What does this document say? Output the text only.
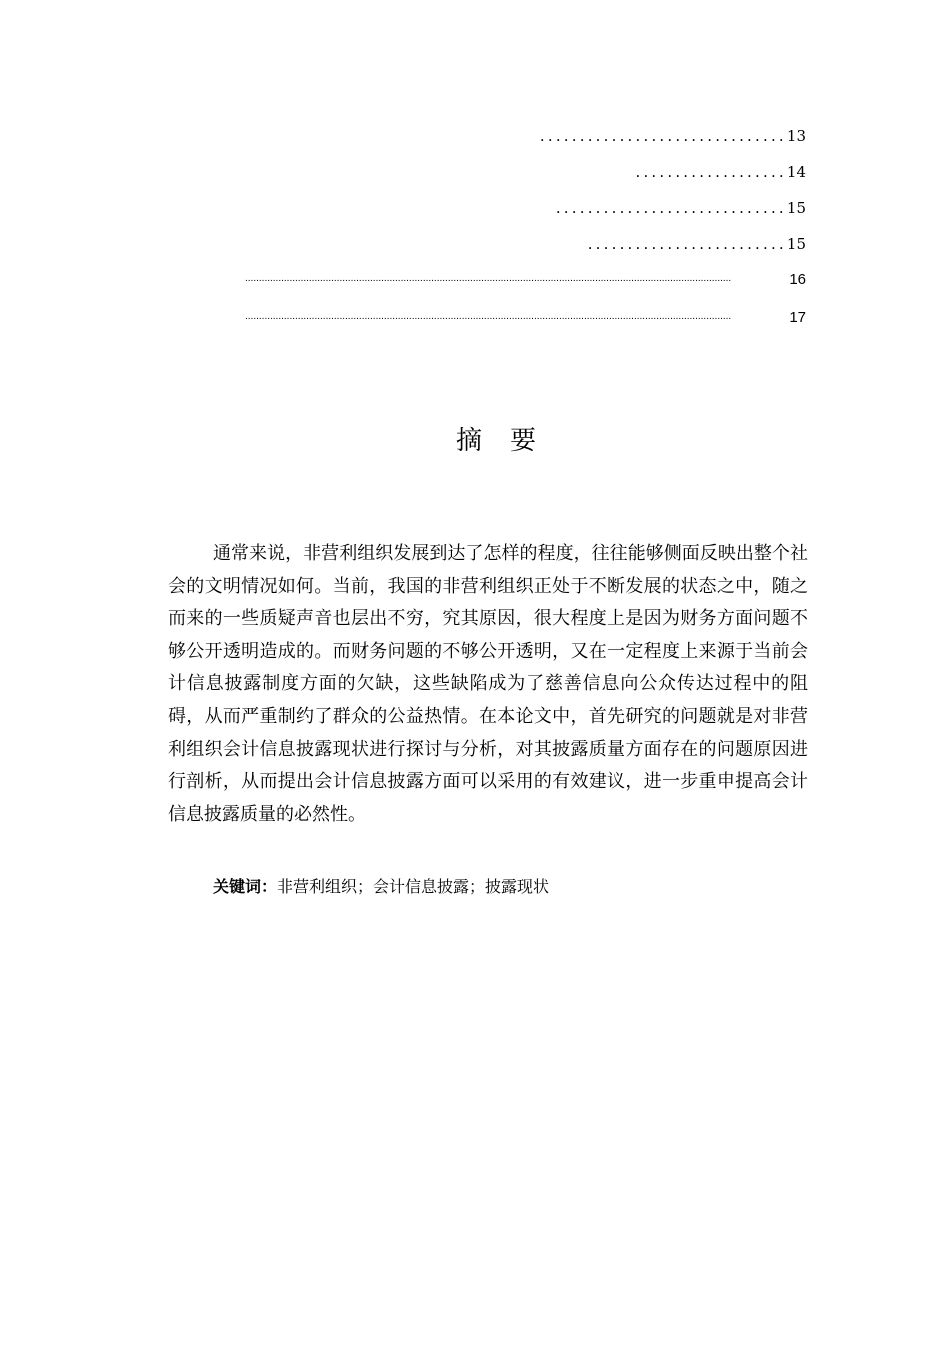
............................... 13
................... 14
............................. 15
......................... 15
...............................................................................................................................................................................	16
...............................................................................................................................................................................	17
摘要

通常来说，非营利组织发展到达了怎样的程度，往往能够侧面反映出整个社会的文明情况如何。当前，我国的非营利组织正处于不断发展的状态之中，随之而来的一些质疑声音也层出不穷，究其原因，很大程度上是因为财务方面问题不够公开透明造成的。而财务问题的不够公开透明，又在一定程度上来源于当前会计信息披露制度方面的欠缺，这些缺陷成为了慈善信息向公众传达过程中的阻碍，从而严重制约了群众的公益热情。在本论文中，首先研究的问题就是对非营利组织会计信息披露现状进行探讨与分析，对其披露质量方面存在的问题原因进行剖析，从而提出会计信息披露方面可以采用的有效建议，进一步重申提高会计信息披露质量的必然性。

关键词：非营利组织；会计信息披露；披露现状
